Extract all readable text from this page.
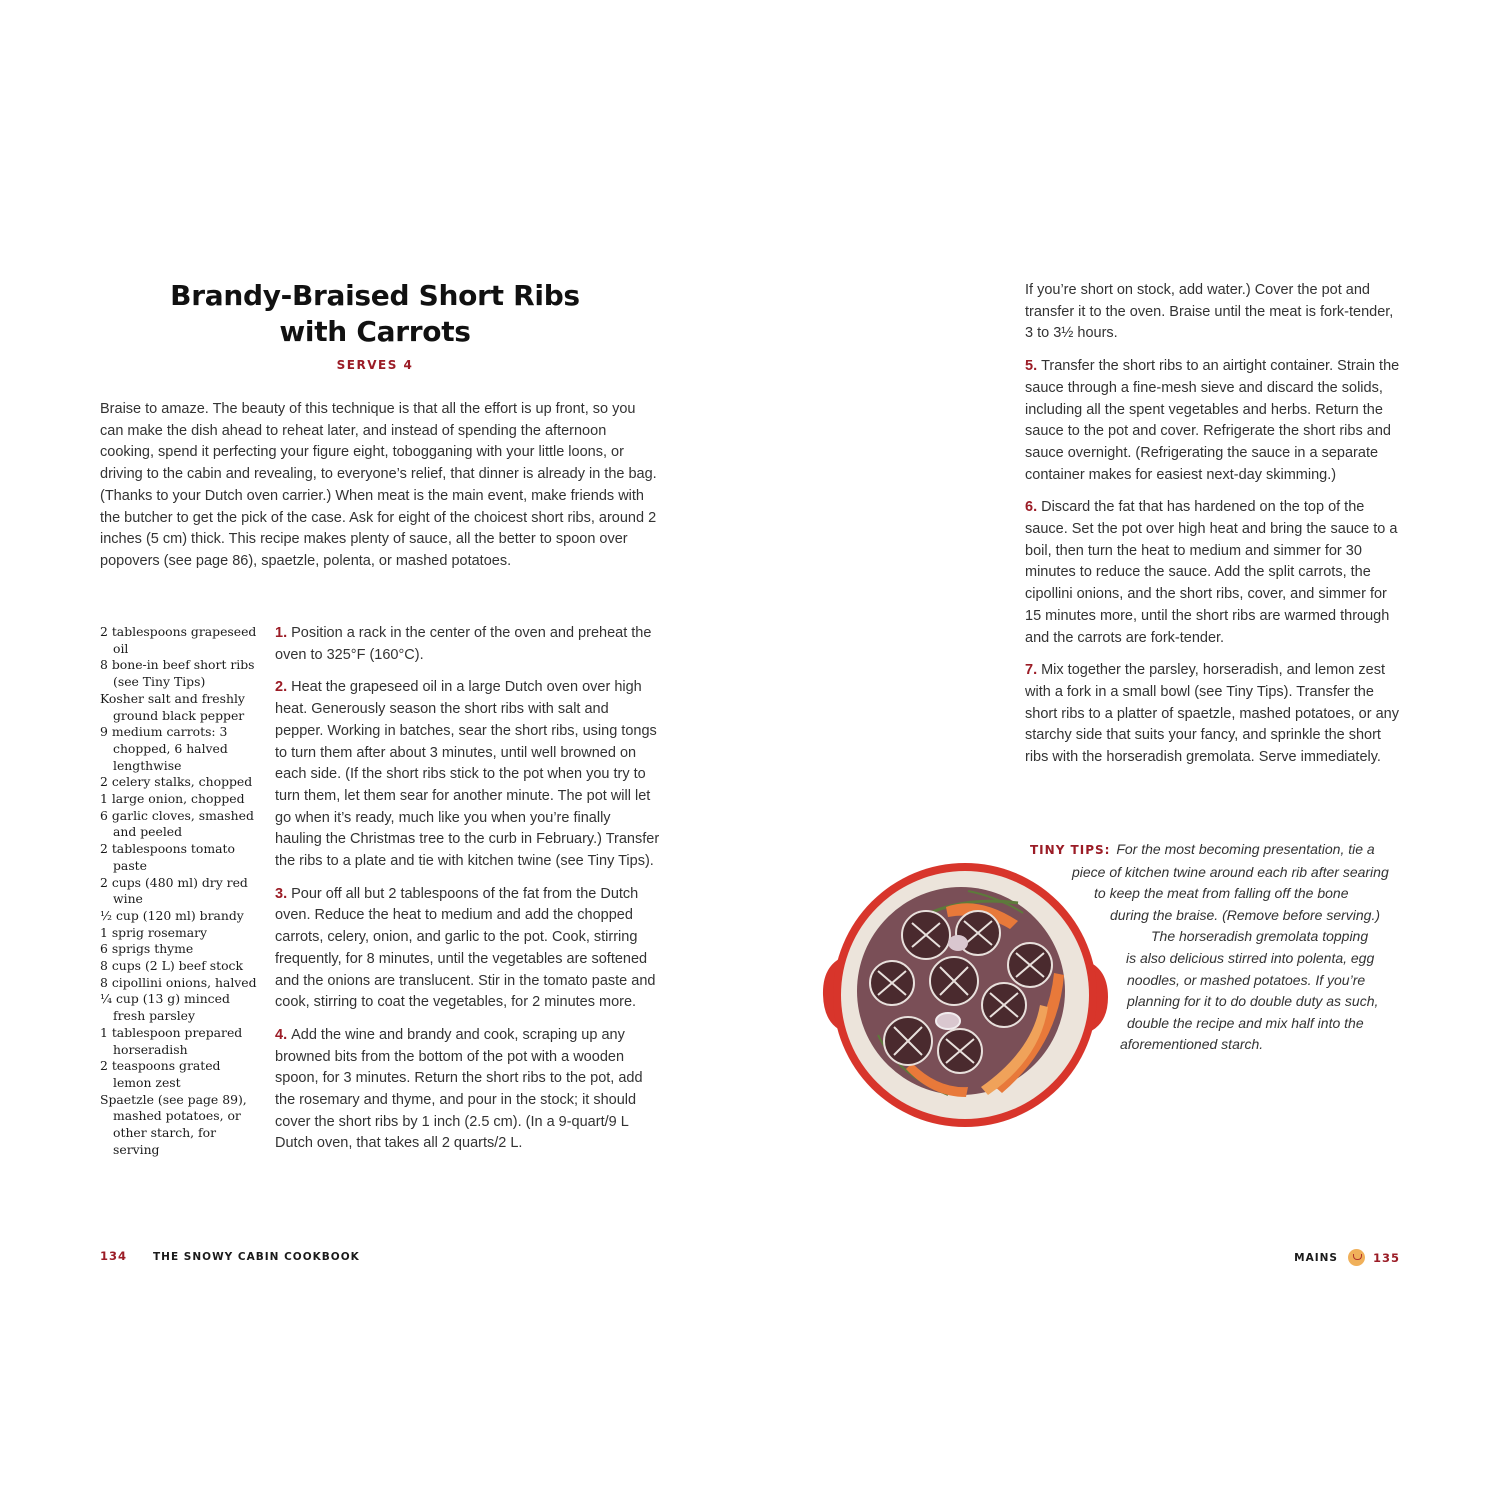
Brandy-Braised Short Ribs
with Carrots
SERVES 4

Braise to amaze. The beauty of this technique is that all the effort is up front, so you can make the dish ahead to reheat later, and instead of spending the afternoon cooking, spend it perfecting your figure eight, tobogganing with your little loons, or driving to the cabin and revealing, to everyone’s relief, that dinner is already in the bag. (Thanks to your Dutch oven carrier.) When meat is the main event, make friends with the butcher to get the pick of the case. Ask for eight of the choicest short ribs, around 2 inches (5 cm) thick. This recipe makes plenty of sauce, all the better to spoon over popovers (see page 86), spaetzle, polenta, or mashed potatoes.

2 tablespoons grapeseed oil
8 bone-in beef short ribs (see Tiny Tips)
Kosher salt and freshly ground black pepper
9 medium carrots: 3 chopped, 6 halved lengthwise
2 celery stalks, chopped
1 large onion, chopped
6 garlic cloves, smashed and peeled
2 tablespoons tomato paste
2 cups (480 ml) dry red wine
½ cup (120 ml) brandy
1 sprig rosemary
6 sprigs thyme
8 cups (2 L) beef stock
8 cipollini onions, halved
¼ cup (13 g) minced fresh parsley
1 tablespoon prepared horseradish
2 teaspoons grated lemon zest
Spaetzle (see page 89), mashed potatoes, or other starch, for serving

1. Position a rack in the center of the oven and preheat the oven to 325°F (160°C).

2. Heat the grapeseed oil in a large Dutch oven over high heat. Generously season the short ribs with salt and pepper. Working in batches, sear the short ribs, using tongs to turn them after about 3 minutes, until well browned on each side. (If the short ribs stick to the pot when you try to turn them, let them sear for another minute. The pot will let go when it’s ready, much like you when you’re finally hauling the Christmas tree to the curb in February.) Transfer the ribs to a plate and tie with kitchen twine (see Tiny Tips).

3. Pour off all but 2 tablespoons of the fat from the Dutch oven. Reduce the heat to medium and add the chopped carrots, celery, onion, and garlic to the pot. Cook, stirring frequently, for 8 minutes, until the vegetables are softened and the onions are translucent. Stir in the tomato paste and cook, stirring to coat the vegetables, for 2 minutes more.

4. Add the wine and brandy and cook, scraping up any browned bits from the bottom of the pot with a wooden spoon, for 3 minutes. Return the short ribs to the pot, add the rosemary and thyme, and pour in the stock; it should cover the short ribs by 1 inch (2.5 cm). (In a 9-quart/9 L Dutch oven, that takes all 2 quarts/2 L.

134 THE SNOWY CABIN COOKBOOK

If you’re short on stock, add water.) Cover the pot and transfer it to the oven. Braise until the meat is fork-tender, 3 to 3½ hours.

5. Transfer the short ribs to an airtight container. Strain the sauce through a fine-mesh sieve and discard the solids, including all the spent vegetables and herbs. Return the sauce to the pot and cover. Refrigerate the short ribs and sauce overnight. (Refrigerating the sauce in a separate container makes for easiest next-day skimming.)

6. Discard the fat that has hardened on the top of the sauce. Set the pot over high heat and bring the sauce to a boil, then turn the heat to medium and simmer for 30 minutes to reduce the sauce. Add the split carrots, the cipollini onions, and the short ribs, cover, and simmer for 15 minutes more, until the short ribs are warmed through and the carrots are fork-tender.

7. Mix together the parsley, horseradish, and lemon zest with a fork in a small bowl (see Tiny Tips). Transfer the short ribs to a platter of spaetzle, mashed potatoes, or any starchy side that suits your fancy, and sprinkle the short ribs with the horseradish gremolata. Serve immediately.

TINY TIPS: For the most becoming presentation, tie a
piece of kitchen twine around each rib after searing
to keep the meat from falling off the bone
during the braise. (Remove before serving.)
The horseradish gremolata topping
is also delicious stirred into polenta, egg
noodles, or mashed potatoes. If you’re
planning for it to do double duty as such,
double the recipe and mix half into the
aforementioned starch.
MAINS	135
